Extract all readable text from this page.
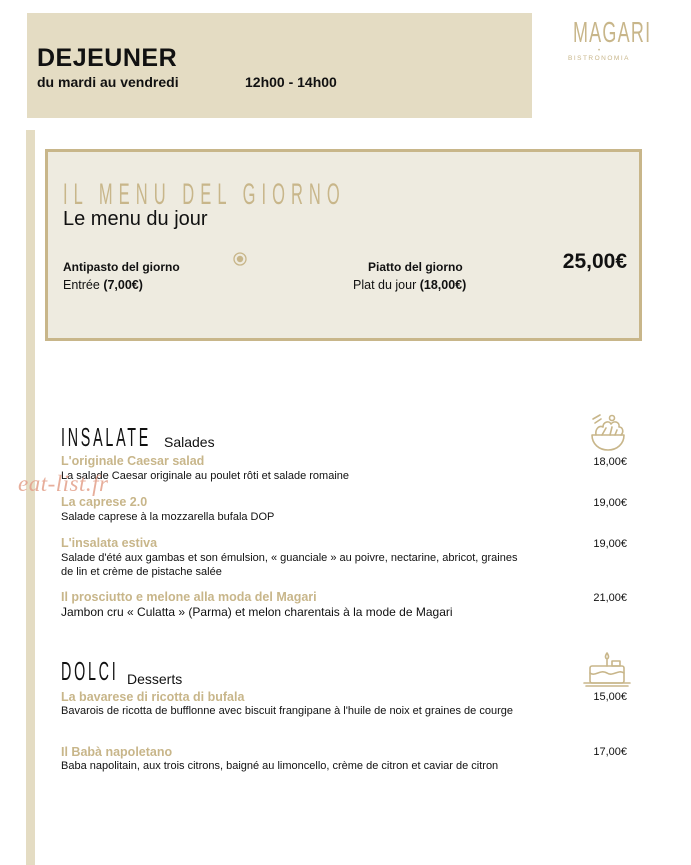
DEJEUNER
du mardi au vendredi	12h00 - 14h00
MAGARI
•
BISTRONOMIA
IL MENU DEL GIORNO
Le menu du jour
Antipasto del giorno
Entrée (7,00€)
Piatto del giorno
Plat du jour (18,00€)
25,00€
INSALATE Salades
L'originale Caesar salad
La salade Caesar originale au poulet rôti et salade romaine
18,00€
La caprese 2.0
Salade caprese à la mozzarella bufala DOP
19,00€
L'insalata estiva
Salade d'été aux gambas et son émulsion, « guanciale » au poivre, nectarine, abricot, graines de lin et crème de pistache salée
19,00€
Il prosciutto e melone alla moda del Magari
Jambon cru « Culatta » (Parma) et melon charentais à la mode de Magari
21,00€
eat-list.fr
DOLCI Desserts
La bavarese di ricotta di bufala
Bavarois de ricotta de bufflonne avec biscuit frangipane à l'huile de noix et graines de courge
15,00€
Il Babà napoletano
Baba napolitain, aux trois citrons, baigné au limoncello, crème de citron et caviar de citron
17,00€
